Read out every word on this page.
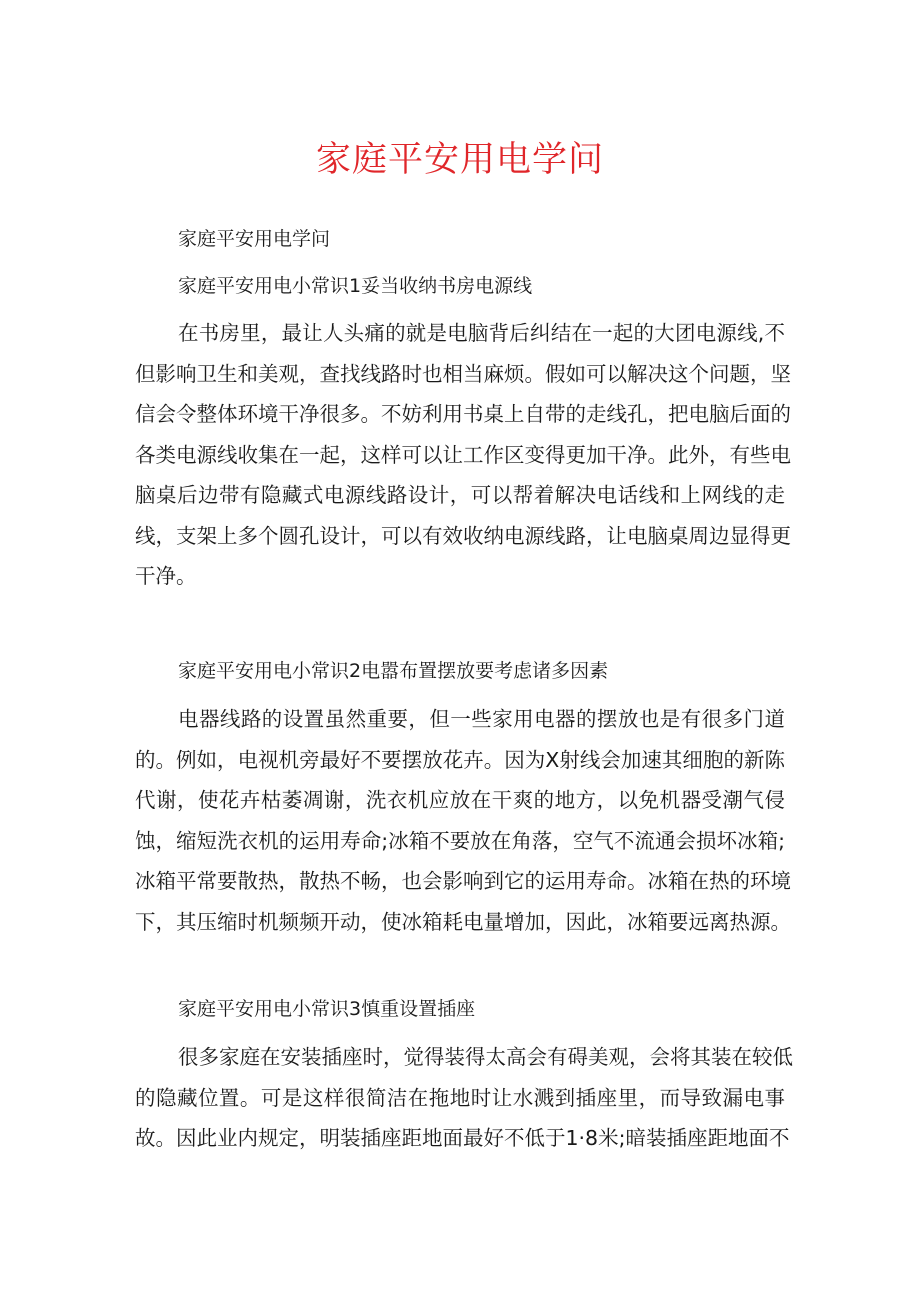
家庭平安用电学问

家庭平安用电学问

家庭平安用电小常识1妥当收纳书房电源线

在书房里，最让人头痛的就是电脑背后纠结在一起的大团电源线,不
但影响卫生和美观，查找线路时也相当麻烦。假如可以解决这个问题，坚
信会令整体环境干净很多。不妨利用书桌上自带的走线孔，把电脑后面的
各类电源线收集在一起，这样可以让工作区变得更加干净。此外，有些电
脑桌后边带有隐藏式电源线路设计，可以帮着解决电话线和上网线的走
线，支架上多个圆孔设计，可以有效收纳电源线路，让电脑桌周边显得更
干净。

家庭平安用电小常识2电嚣布置摆放要考虑诸多因素

电器线路的设置虽然重要，但一些家用电器的摆放也是有很多门道
的。例如，电视机旁最好不要摆放花卉。因为X射线会加速其细胞的新陈
代谢，使花卉枯萎凋谢，洗衣机应放在干爽的地方，以免机器受潮气侵
蚀，缩短洗衣机的运用寿命;冰箱不要放在角落，空气不流通会损坏冰箱;
冰箱平常要散热，散热不畅，也会影响到它的运用寿命。冰箱在热的环境
下，其压缩时机频频开动，使冰箱耗电量增加，因此，冰箱要远离热源。

家庭平安用电小常识3慎重设置插座

很多家庭在安装插座时，觉得装得太高会有碍美观，会将其装在较低
的隐藏位置。可是这样很简洁在拖地时让水溅到插座里，而导致漏电事
故。因此业内规定，明装插座距地面最好不低于1·8米;暗装插座距地面不
